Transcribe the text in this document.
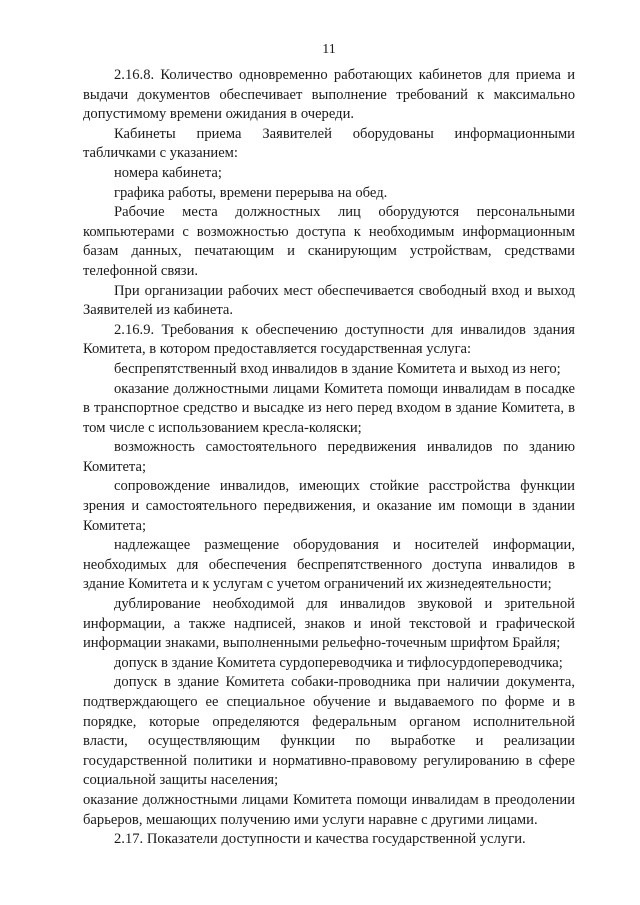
11

2.16.8. Количество одновременно работающих кабинетов для приема и выдачи документов обеспечивает выполнение требований к максимально допустимому времени ожидания в очереди.

Кабинеты приема Заявителей оборудованы информационными табличками с указанием:

номера кабинета;

графика работы, времени перерыва на обед.

Рабочие места должностных лиц оборудуются персональными компьютерами с возможностью доступа к необходимым информационным базам данных, печатающим и сканирующим устройствам, средствами телефонной связи.

При организации рабочих мест обеспечивается свободный вход и выход Заявителей из кабинета.

2.16.9. Требования к обеспечению доступности для инвалидов здания Комитета, в котором предоставляется государственная услуга:

беспрепятственный вход инвалидов в здание Комитета и выход из него;

оказание должностными лицами Комитета помощи инвалидам в посадке в транспортное средство и высадке из него перед входом в здание Комитета, в том числе с использованием кресла-коляски;

возможность самостоятельного передвижения инвалидов по зданию Комитета;

сопровождение инвалидов, имеющих стойкие расстройства функции зрения и самостоятельного передвижения, и оказание им помощи в здании Комитета;

надлежащее размещение оборудования и носителей информации, необходимых для обеспечения беспрепятственного доступа инвалидов в здание Комитета и к услугам с учетом ограничений их жизнедеятельности;

дублирование необходимой для инвалидов звуковой и зрительной информации, а также надписей, знаков и иной текстовой и графической информации знаками, выполненными рельефно-точечным шрифтом Брайля;

допуск в здание Комитета сурдопереводчика и тифлосурдопереводчика;

допуск в здание Комитета собаки-проводника при наличии документа, подтверждающего ее специальное обучение и выдаваемого по форме и в порядке, которые определяются федеральным органом исполнительной власти, осуществляющим функции по выработке и реализации государственной политики и нормативно-правовому регулированию в сфере социальной защиты населения;

оказание должностными лицами Комитета помощи инвалидам в преодолении барьеров, мешающих получению ими услуги наравне с другими лицами.

2.17. Показатели доступности и качества государственной услуги.
